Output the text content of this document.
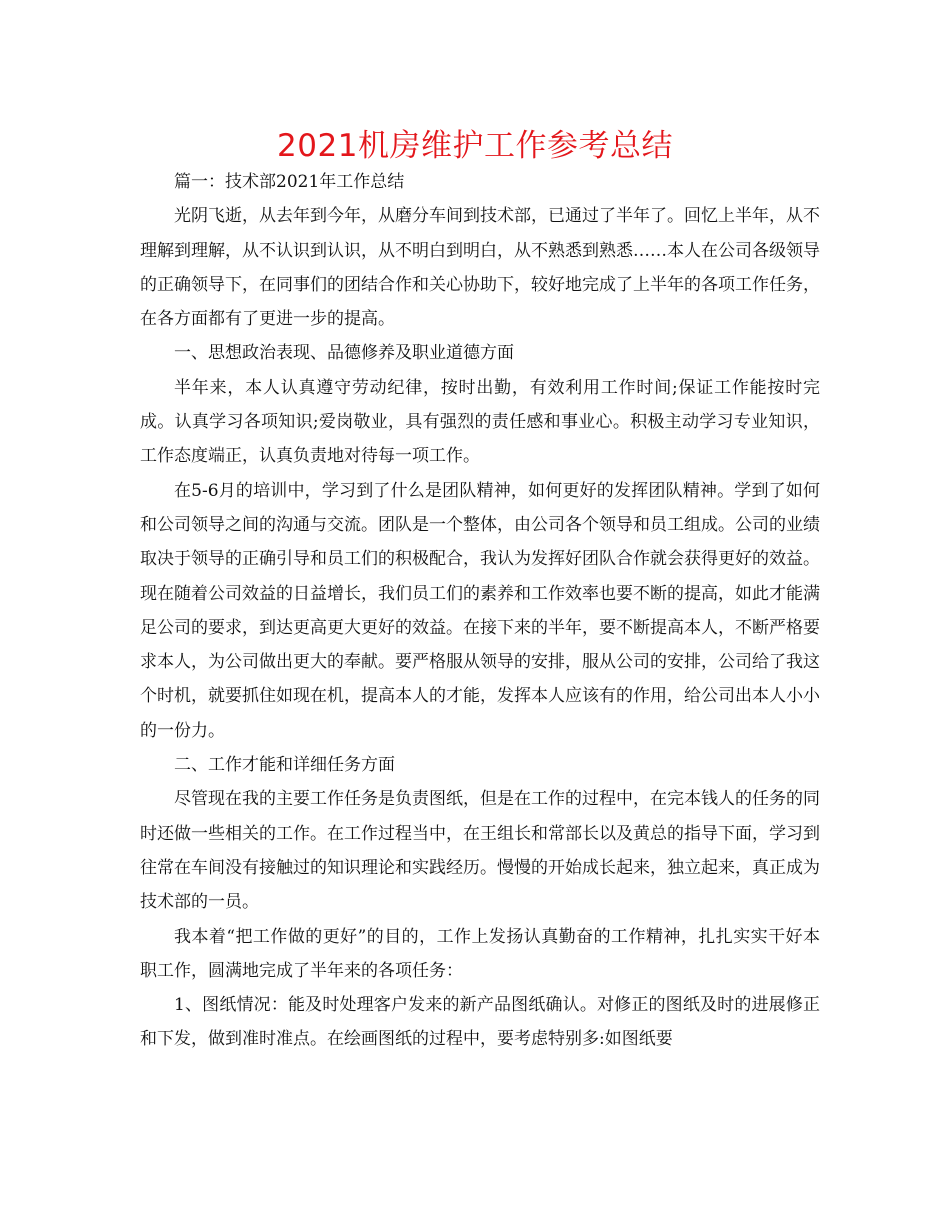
2021机房维护工作参考总结

篇一：技术部2021年工作总结

光阴飞逝，从去年到今年，从磨分车间到技术部，已通过了半年了。回忆上半年，从不理解到理解，从不认识到认识，从不明白到明白，从不熟悉到熟悉……本人在公司各级领导的正确领导下，在同事们的团结合作和关心协助下，较好地完成了上半年的各项工作任务，在各方面都有了更进一步的提高。

一、思想政治表现、品德修养及职业道德方面

半年来，本人认真遵守劳动纪律，按时出勤，有效利用工作时间;保证工作能按时完成。认真学习各项知识;爱岗敬业，具有强烈的责任感和事业心。积极主动学习专业知识，工作态度端正，认真负责地对待每一项工作。

在5-6月的培训中，学习到了什么是团队精神，如何更好的发挥团队精神。学到了如何和公司领导之间的沟通与交流。团队是一个整体，由公司各个领导和员工组成。公司的业绩取决于领导的正确引导和员工们的积极配合，我认为发挥好团队合作就会获得更好的效益。现在随着公司效益的日益增长，我们员工们的素养和工作效率也要不断的提高，如此才能满足公司的要求，到达更高更大更好的效益。在接下来的半年，要不断提高本人，不断严格要求本人，为公司做出更大的奉献。要严格服从领导的安排，服从公司的安排，公司给了我这个时机，就要抓住如现在机，提高本人的才能，发挥本人应该有的作用，给公司出本人小小的一份力。

二、工作才能和详细任务方面

尽管现在我的主要工作任务是负责图纸，但是在工作的过程中，在完本钱人的任务的同时还做一些相关的工作。在工作过程当中，在王组长和常部长以及黄总的指导下面，学习到往常在车间没有接触过的知识理论和实践经历。慢慢的开始成长起来，独立起来，真正成为技术部的一员。

我本着“把工作做的更好”的目的，工作上发扬认真勤奋的工作精神，扎扎实实干好本职工作，圆满地完成了半年来的各项任务：

1、图纸情况：能及时处理客户发来的新产品图纸确认。对修正的图纸及时的进展修正和下发，做到准时准点。在绘画图纸的过程中，要考虑特别多:如图纸要
